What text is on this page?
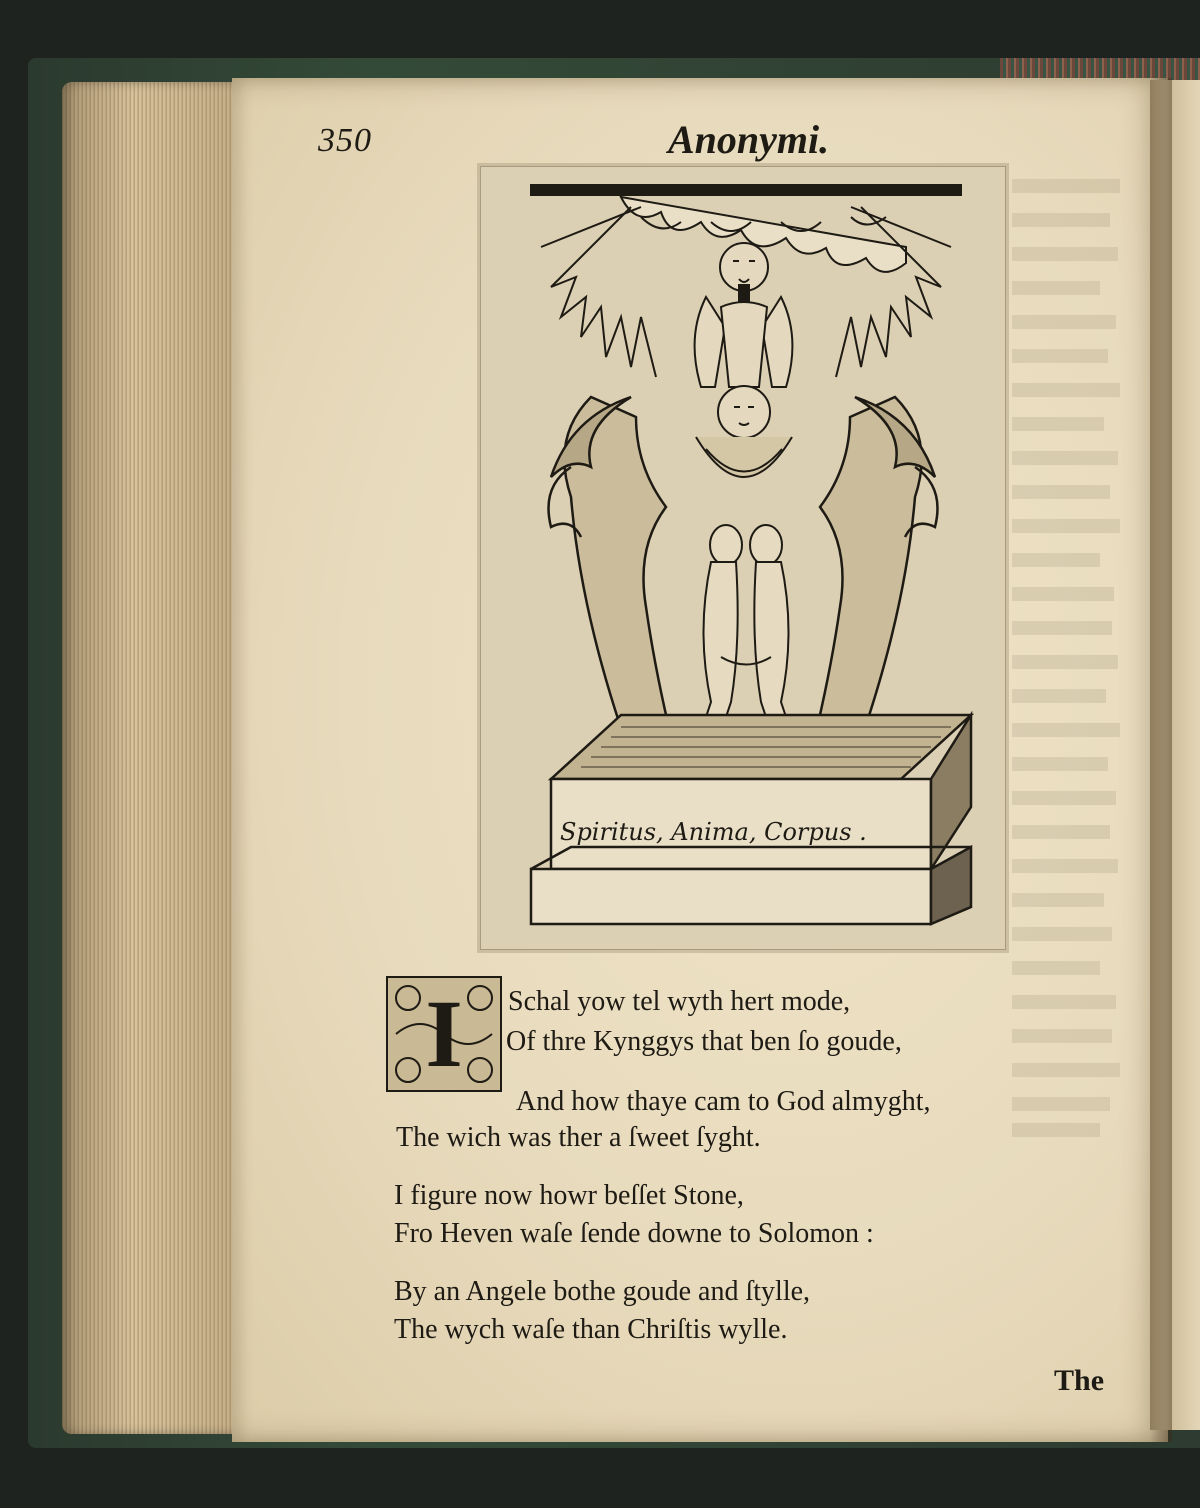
350	Anonymi.
Spiritus, Anima, Corpus .
I	Schal yow tel wyth hert mode,
Of thre Kynggys that ben ſo goude,
And how thaye cam to God almyght,
The wich was ther a ſweet ſyght.
I figure now howr beſſet Stone,
Fro Heven waſe ſende downe to Solomon :
By an Angele bothe goude and ſtylle,
The wych waſe than Chriſtis wylle.
The
